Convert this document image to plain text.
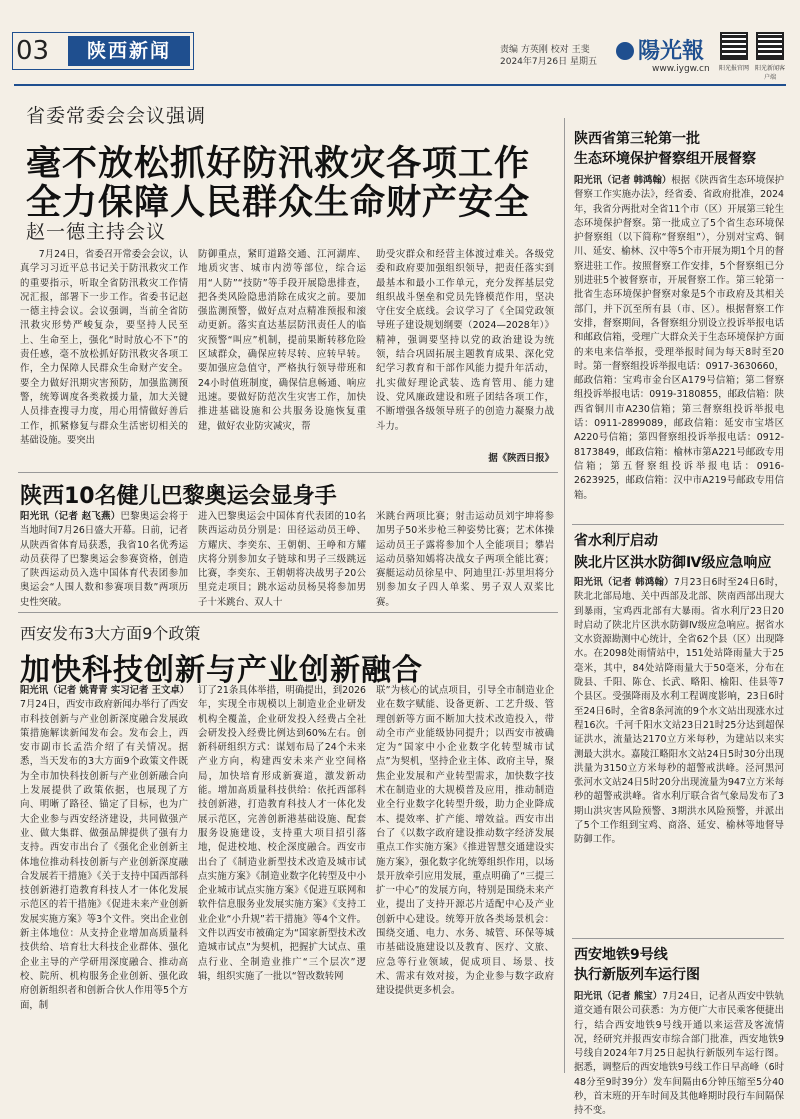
03	陕西新闻	责编 方英刚 校对 王斐
2024年7月26日 星期五	陽光報
www.iygw.cn	阳光报官网 阳光新闻客户端
省委常委会会议强调
毫不放松抓好防汛救灾各项工作
全力保障人民群众生命财产安全
赵一德主持会议
7月24日，省委召开常委会会议，认真学习习近平总书记关于防汛救灾工作的重要指示，听取全省防汛救灾工作情况汇报，部署下一步工作。省委书记赵一德主持会议。会议强调，当前全省防汛救灾形势严峻复杂，要坚持人民至上、生命至上，强化“时时放心不下”的责任感，毫不放松抓好防汛救灾各项工作，全力保障人民群众生命财产安全。要全力做好汛期灾害预防，加强监测预警，统筹调度各类救援力量，加大关键人员排查搜寻力度，用心用情做好善后工作，抓紧修复与群众生活密切相关的基础设施。要突出
防御重点，紧盯道路交通、江河湖库、地质灾害、城市内涝等部位，综合运用“人防”“技防”等手段开展隐患排查，把各类风险隐患消除在成灾之前。要加强监测预警，做好点对点精准预报和滚动更新。落实直达基层防汛责任人的临灾预警“叫应”机制，提前果断转移危险区域群众，确保应转尽转、应转早转。要加强应急值守，严格执行领导带班和24小时值班制度，确保信息畅通、响应迅速。要做好防范次生灾害工作，加快推进基础设施和公共服务设施恢复重建，做好农业防灾减灾，帮
助受灾群众和经营主体渡过难关。各级党委和政府要加强组织领导，把责任落实到最基本和最小工作单元，充分发挥基层党组织战斗堡垒和党员先锋模范作用，坚决守住安全底线。会议学习了《全国党政领导班子建设规划纲要（2024—2028年）》精神，强调要坚持以党的政治建设为统领，结合巩固拓展主题教育成果、深化党纪学习教育和干部作风能力提升年活动，扎实做好理论武装、选育管用、能力建设、党风廉政建设和班子团结各项工作，不断增强各级领导班子的创造力凝聚力战斗力。
据《陕西日报》
陕西10名健儿巴黎奥运会显身手
阳光讯（记者 赵飞燕）巴黎奥运会将于当地时间7月26日盛大开幕。日前，记者从陕西省体育局获悉，我省10名优秀运动员获得了巴黎奥运会参赛资格，创造了陕西运动员入选中国体育代表团参加奥运会“人围人数和参赛项目数”两项历史性突破。
进入巴黎奥运会中国体育代表团的10名陕西运动员分别是：田径运动员王峥、方耀庆、李奕东、王朝朝、王峥和方耀庆将分别参加女子链球和男子三级跳远比赛，李奕东、王朝朝将决战男子20公里竞走项目；跳水运动员杨昊将参加男子十米跳台、双人十
米跳台两项比赛；射击运动员刘宇坤将参加男子50米步枪三种姿势比赛；艺术体操运动员王子露将参加个人全能项目；攀岩运动员骆知嫣将决战女子两项全能比赛；赛艇运动员徐星中、阿迪里江·苏里坦将分别参加女子四人单桨、男子双人双桨比赛。
西安发布3大方面9个政策
加快科技创新与产业创新融合
阳光讯（记者 姚青青 实习记者 王文卓）7月24日，西安市政府新闻办举行了西安市科技创新与产业创新深度融合发展政策措施解读新闻发布会。发布会上，西安市副市长孟浩介绍了有关情况。据悉，当天发布的3大方面9个政策文件既为全市加快科技创新与产业创新融合向上发展提供了政策依据，也展现了方向、明晰了路径、锚定了目标，也为广大企业参与西安经济建设，共同做强产业、做大集群、做强品牌提供了强有力支持。西安市出台了《强化企业创新主体地位推动科技创新与产业创新深度融合发展若干措施》《关于支持中国西部科技创新港打造教育科技人才一体化发展示范区的若干措施》《促进未来产业创新发展实施方案》等3个文件。突出企业创新主体地位：从支持企业增加高质量科技供给、培育壮大科技企业群体、强化企业主导的产学研用深度融合、推动高校、院所、机构服务企业创新、强化政府创新组织者和创新合伙人作用等5个方面，制
订了21条具体举措，明确提出，到2026年，实现全市规模以上制造业企业研发机构全覆盖，企业研发投入经费占全社会研发投入经费比例达到60%左右。创新科研组织方式：谋划布局了24个未来产业方向，构建西安未来产业空间格局，加快培育形成新赛道，激发新动能。增加高质量科技供给：依托西部科技创新港，打造教育科技人才一体化发展示范区，完善创新港基础设施、配套服务设施建设，支持重大项目招引落地，促进校地、校企深度融合。西安市出台了《制造业新型技术改造及城市试点实施方案》《制造业数字化转型及中小企业城市试点实施方案》《促进互联网和软件信息服务业发展实施方案》《支持工业企业“小升规”若干措施》等4个文件。文件以西安市被确定为“国家新型技术改造城市试点”为契机，把握扩大试点、重点行业、全制造业推广“三个层次”逻辑，组织实施了一批以“智改数转网
联”为核心的试点项目，引导全市制造业企业在数字赋能、设备更新、工艺升级、管理创新等方面不断加大技术改造投入，带动全市产业能级协同提升；以西安市被确定为“国家中小企业数字化转型城市试点”为契机，坚持企业主体、政府主导，聚焦企业发展和产业转型需求，加快数字技术在制造业的大规模普及应用，推动制造业全行业数字化转型升级，助力企业降成本、提效率、扩产能、增效益。西安市出台了《以数字政府建设推动数字经济发展重点工作实施方案》《推进智慧交通建设实施方案》，强化数字化统筹组织作用，以场景开放牵引应用发展，重点明确了“三提三扩一中心”的发展方向，特别是围绕未来产业，提出了支持开源芯片适配中心及产业创新中心建设。统筹开放各类场景机会：围绕交通、电力、水务、城管、环保等城市基础设施建设以及教育、医疗、文旅、应急等行业领域，促成项目、场景、技术、需求有效对接，为企业参与数字政府建设提供更多机会。
陕西省第三轮第一批
生态环境保护督察组开展督察
阳光讯（记者 韩鸿翰）根据《陕西省生态环境保护督察工作实施办法》，经省委、省政府批准，2024年，我省分两批对全省11个市（区）开展第三轮生态环境保护督察。第一批成立了5个省生态环境保护督察组（以下简称“督察组”），分别对宝鸡、铜川、延安、榆林、汉中等5个市开展为期1个月的督察进驻工作。按照督察工作安排，5个督察组已分别进驻5个被督察市，开展督察工作。第三轮第一批省生态环境保护督察对象是5个市政府及其相关部门，并下沉至所有县（市、区）。根据督察工作安排，督察期间，各督察组分别设立投诉举报电话和邮政信箱，受理广大群众关于生态环境保护方面的来电来信举报，受理举报时间为每天8时至20时。第一督察组投诉举报电话：0917-3630660，邮政信箱：宝鸡市金台区A179号信箱；第二督察组投诉举报电话：0919-3180855，邮政信箱：陕西省铜川市A230信箱；第三督察组投诉举报电话：0911-2899089，邮政信箱：延安市宝塔区A220号信箱；第四督察组投诉举报电话：0912-8173849，邮政信箱：榆林市第A221号邮政专用信箱；第五督察组投诉举报电话：0916-2623925，邮政信箱：汉中市A219号邮政专用信箱。
省水利厅启动
陕北片区洪水防御Ⅳ级应急响应
阳光讯（记者 韩鸿翰）7月23日6时至24日6时，陕北北部局地、关中西部及北部、陕南西部出现大到暴雨，宝鸡西北部有大暴雨。省水利厅23日20时启动了陕北片区洪水防御Ⅳ级应急响应。据省水文水资源勘测中心统计，全省62个县（区）出现降水。在2098处雨情站中，151处站降雨量大于25毫米，其中，84处站降雨量大于50毫米，分布在陇县、千阳、陈仓、长武、略阳、榆阳、佳县等7个县区。受强降雨及水利工程调度影响，23日6时至24日6时，全省8条河流的9个水文站出现涨水过程16次。千河千阳水文站23日21时25分达到超保证洪水，流量达2170立方米每秒，为建站以来实测最大洪水。嘉陵江略阳水文站24日5时30分出现洪量为3150立方米每秒的超警戒洪峰。泾河黑河张河水文站24日5时20分出现流量为947立方米每秒的超警戒洪峰。省水利厅联合省气象局发布了3期山洪灾害风险预警、3期洪水风险预警，并派出了5个工作组到宝鸡、商洛、延安、榆林等地督导防御工作。
西安地铁9号线
执行新版列车运行图
阳光讯（记者 熊宝）7月24日，记者从西安中铁轨道交通有限公司获悉：为方便广大市民乘客便捷出行，结合西安地铁9号线开通以来运营及客流情况，经研究并报西安市综合部门批准，西安地铁9号线自2024年7月25日起执行新版列车运行图。据悉，调整后的西安地铁9号线工作日早高峰（6时48分至9时39分）发车间隔由6分钟压缩至5分40秒，首末班的开车时间及其他峰期时段行车间隔保持不变。
